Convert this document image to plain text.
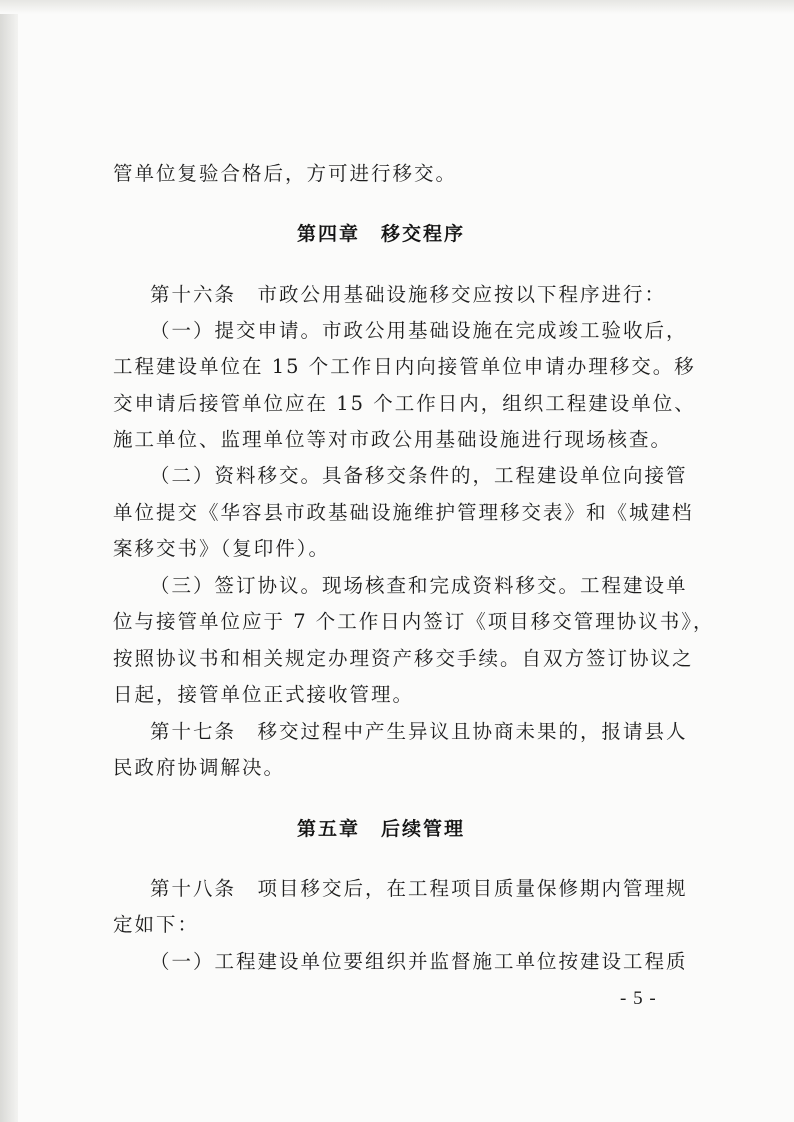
管单位复验合格后，方可进行移交。
第四章　移交程序
第十六条　市政公用基础设施移交应按以下程序进行：
（一）提交申请。市政公用基础设施在完成竣工验收后，
工程建设单位在 15 个工作日内向接管单位申请办理移交。移
交申请后接管单位应在 15 个工作日内，组织工程建设单位、
施工单位、监理单位等对市政公用基础设施进行现场核查。
（二）资料移交。具备移交条件的，工程建设单位向接管
单位提交《华容县市政基础设施维护管理移交表》和《城建档
案移交书》（复印件）。
（三）签订协议。现场核查和完成资料移交。工程建设单
位与接管单位应于 7 个工作日内签订《项目移交管理协议书》，
按照协议书和相关规定办理资产移交手续。自双方签订协议之
日起，接管单位正式接收管理。
第十七条　移交过程中产生异议且协商未果的，报请县人
民政府协调解决。
第五章　后续管理
第十八条　项目移交后，在工程项目质量保修期内管理规
定如下：
（一）工程建设单位要组织并监督施工单位按建设工程质
- 5 -
